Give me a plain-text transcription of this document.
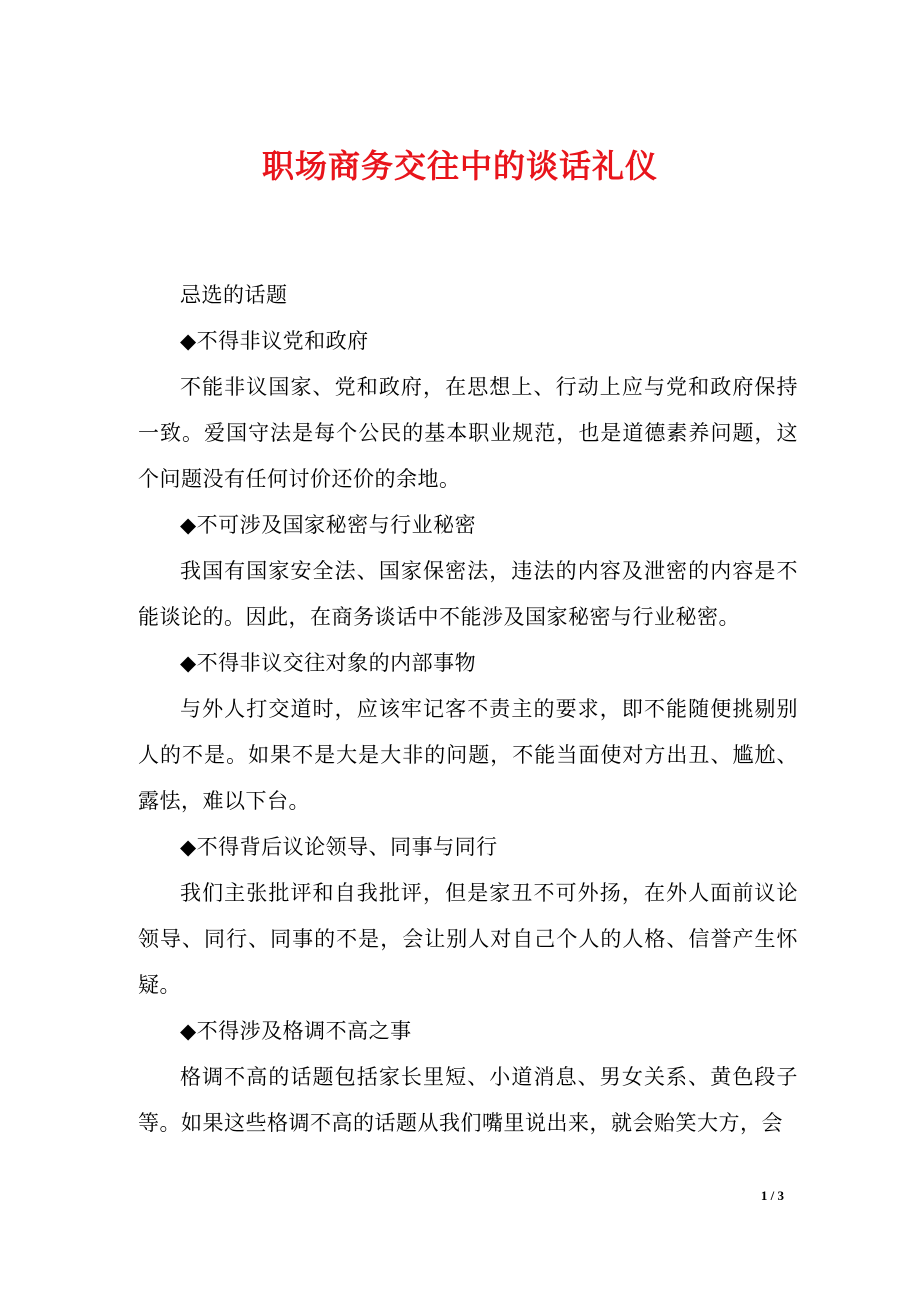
职场商务交往中的谈话礼仪

忌选的话题

◆不得非议党和政府

不能非议国家、党和政府，在思想上、行动上应与党和政府保持一致。爱国守法是每个公民的基本职业规范，也是道德素养问题，这个问题没有任何讨价还价的余地。

◆不可涉及国家秘密与行业秘密

我国有国家安全法、国家保密法，违法的内容及泄密的内容是不能谈论的。因此，在商务谈话中不能涉及国家秘密与行业秘密。

◆不得非议交往对象的内部事物

与外人打交道时，应该牢记客不责主的要求，即不能随便挑剔别人的不是。如果不是大是大非的问题，不能当面使对方出丑、尴尬、露怯，难以下台。

◆不得背后议论领导、同事与同行

我们主张批评和自我批评，但是家丑不可外扬，在外人面前议论领导、同行、同事的不是，会让别人对自己个人的人格、信誉产生怀疑。

◆不得涉及格调不高之事

格调不高的话题包括家长里短、小道消息、男女关系、黄色段子等。如果这些格调不高的话题从我们嘴里说出来，就会贻笑大方，会

1 / 3
